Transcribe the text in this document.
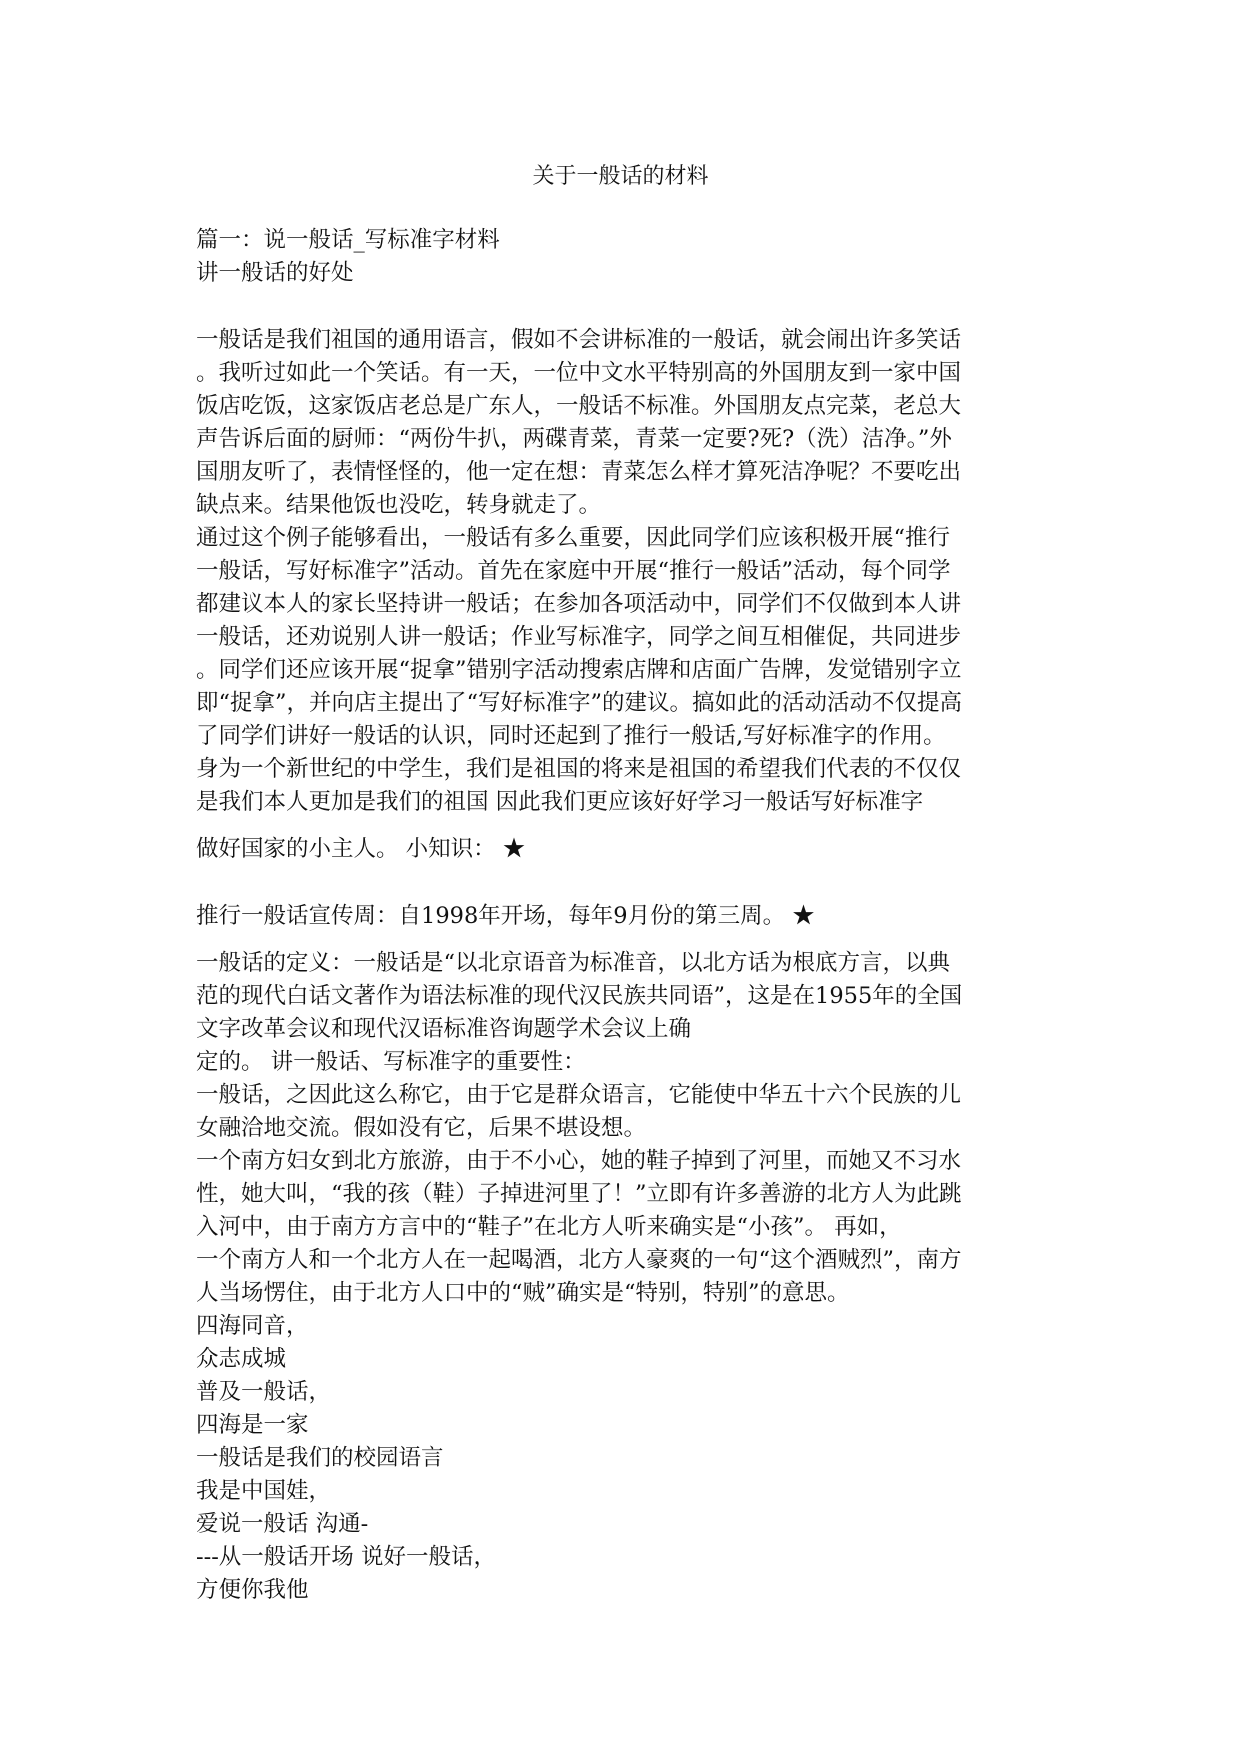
关于一般话的材料

篇一：说一般话_写标准字材料

讲一般话的好处

一般话是我们祖国的通用语言，假如不会讲标准的一般话，就会闹出许多笑话

。我听过如此一个笑话。有一天，一位中文水平特别高的外国朋友到一家中国

饭店吃饭，这家饭店老总是广东人，一般话不标准。外国朋友点完菜，老总大

声告诉后面的厨师：“两份牛扒，两碟青菜，青菜一定要?死?（洗）洁净。”外

国朋友听了，表情怪怪的，他一定在想：青菜怎么样才算死洁净呢？不要吃出

缺点来。结果他饭也没吃，转身就走了。

通过这个例子能够看出，一般话有多么重要，因此同学们应该积极开展“推行

一般话，写好标准字”活动。首先在家庭中开展“推行一般话”活动，每个同学

都建议本人的家长坚持讲一般话；在参加各项活动中，同学们不仅做到本人讲

一般话，还劝说别人讲一般话；作业写标准字，同学之间互相催促，共同进步

。同学们还应该开展“捉拿”错别字活动搜索店牌和店面广告牌，发觉错别字立

即“捉拿”，并向店主提出了“写好标准字”的建议。搞如此的活动活动不仅提高

了同学们讲好一般话的认识，同时还起到了推行一般话,写好标准字的作用。

身为一个新世纪的中学生，我们是祖国的将来是祖国的希望我们代表的不仅仅

是我们本人更加是我们的祖国 因此我们更应该好好学习一般话写好标准字

做好国家的小主人。 小知识： ★

推行一般话宣传周：自1998年开场，每年9月份的第三周。 ★

一般话的定义：一般话是“以北京语音为标准音，以北方话为根底方言，以典

范的现代白话文著作为语法标准的现代汉民族共同语”，这是在1955年的全国

文字改革会议和现代汉语标准咨询题学术会议上确

定的。 讲一般话、写标准字的重要性：

一般话，之因此这么称它，由于它是群众语言，它能使中华五十六个民族的儿

女融洽地交流。假如没有它，后果不堪设想。

一个南方妇女到北方旅游，由于不小心，她的鞋子掉到了河里，而她又不习水

性，她大叫，“我的孩（鞋）子掉进河里了！”立即有许多善游的北方人为此跳

入河中，由于南方方言中的“鞋子”在北方人听来确实是“小孩”。 再如，

一个南方人和一个北方人在一起喝酒，北方人豪爽的一句“这个酒贼烈”，南方

人当场愣住，由于北方人口中的“贼”确实是“特别，特别”的意思。

四海同音，

众志成城

普及一般话，

四海是一家

一般话是我们的校园语言

我是中国娃，

爱说一般话 沟通-

---从一般话开场 说好一般话，

方便你我他
